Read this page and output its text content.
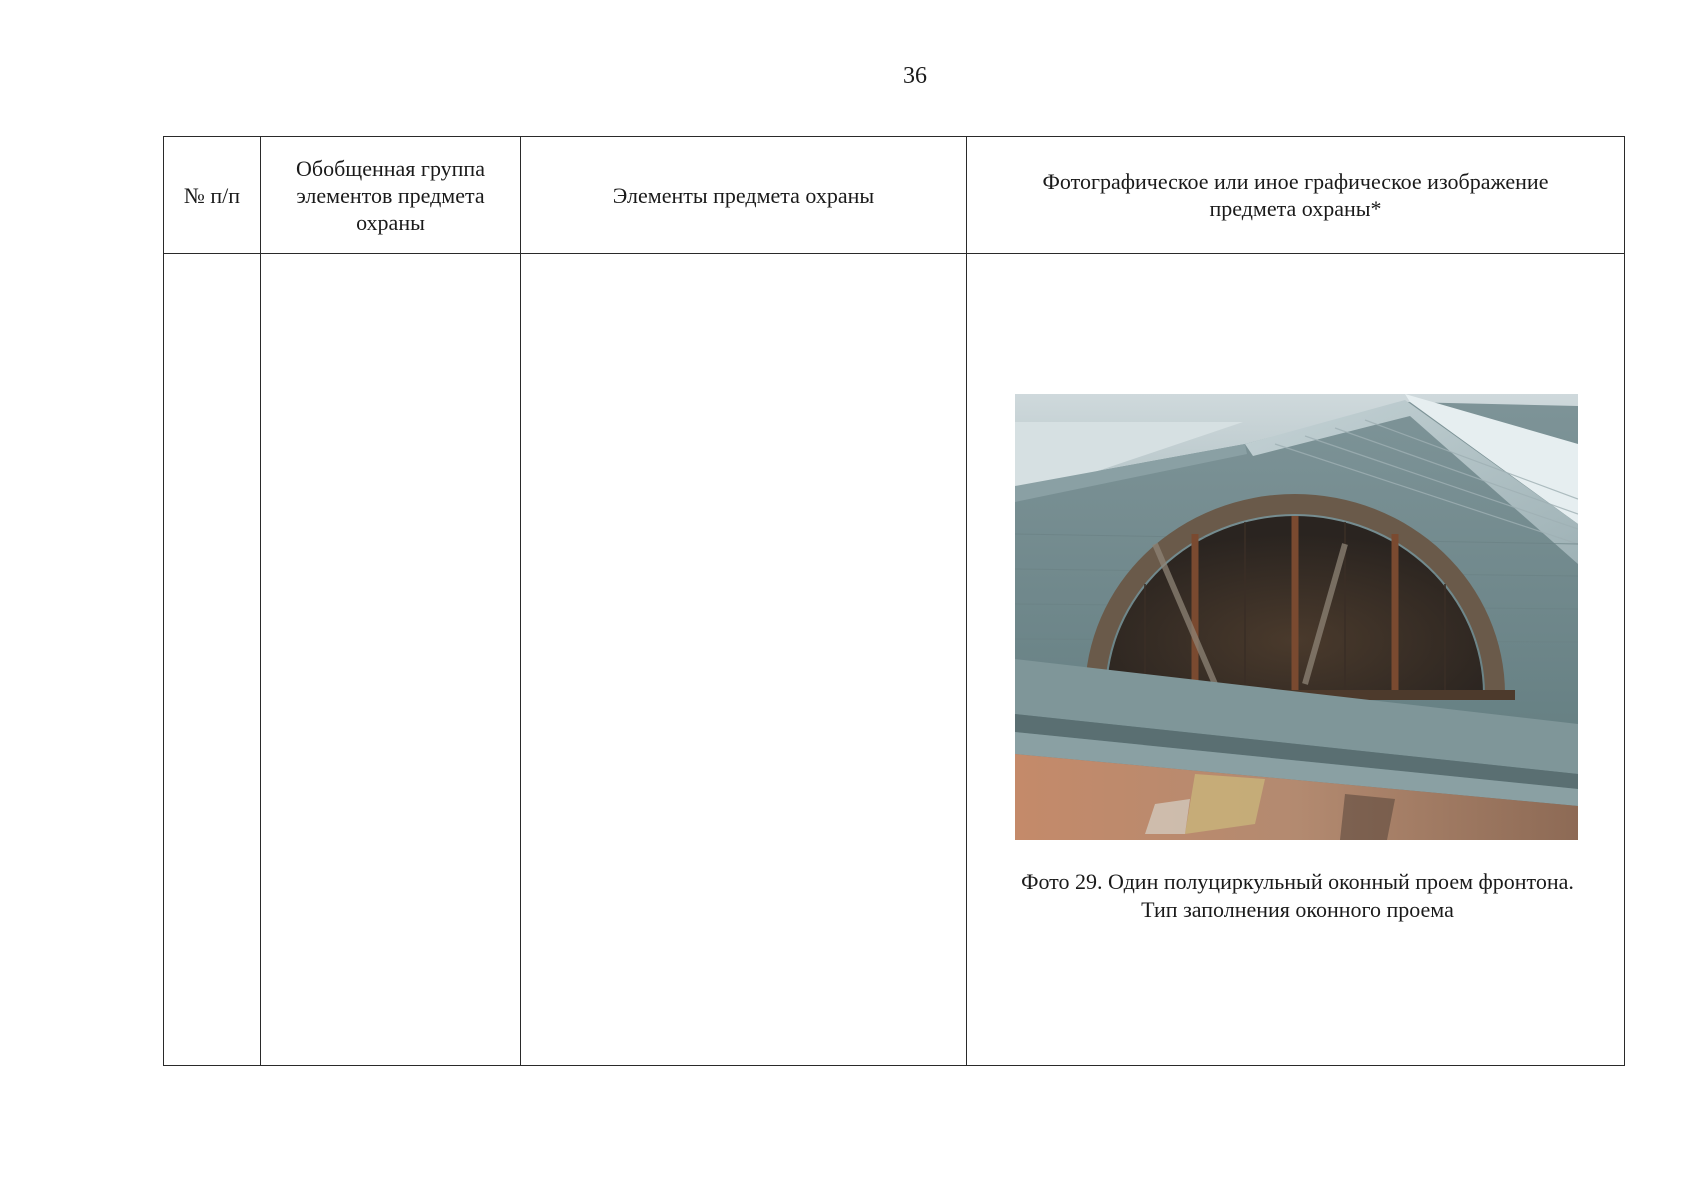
36
№ п/п	Обобщенная группа элементов предмета охраны	Элементы предмета охраны	Фотографическое или иное графическое изображение предмета охраны*

			Фото 29. Один полуциркульный оконный проем фронтона.
Тип заполнения оконного проема
